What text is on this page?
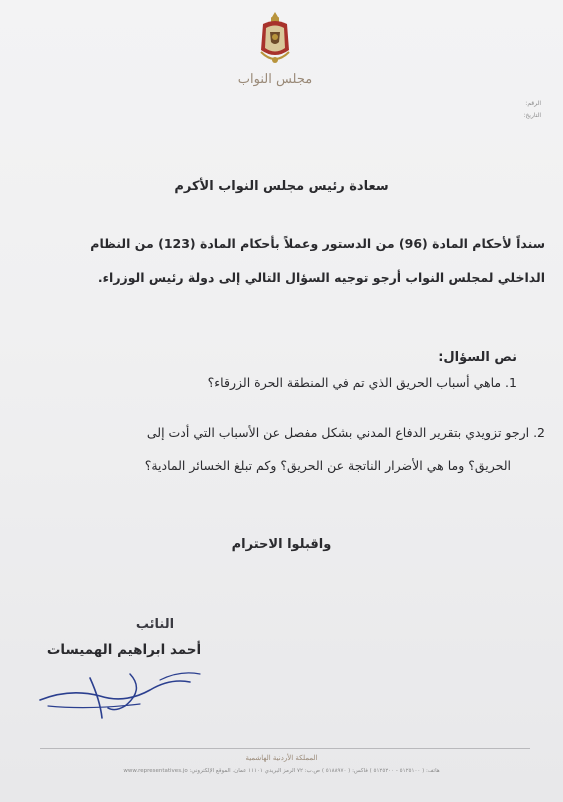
مجلس النواب
الرقم:
التاريخ:
سعادة رئيس مجلس النواب الأكرم
سنداً لأحكام المادة (96) من الدستور وعملاً بأحكام المادة (123) من النظام
الداخلي لمجلس النواب أرجو توجيه السؤال التالي إلى دولة رئيس الوزراء.
نص السؤال:
1. ماهي أسباب الحريق الذي تم في المنطقة الحرة الزرقاء؟
2. ارجو تزويدي بتقرير الدفاع المدني بشكل مفصل عن الأسباب التي أدت إلى
الحريق؟ وما هي الأضرار الناتجة عن الحريق؟ وكم تبلغ الخسائر المادية؟
واقبلوا الاحترام
النائب
أحمد ابراهيم الهميسات
المملكة الأردنية الهاشمية
هاتف: ( ٥١٢٥١٠٠ - ٥١٢٥٢٠٠ ) فاكس: ( ٥١٨٨٩٧٠ ) ص.ب: ٧٢ الرمز البريدي ١١١٠١ عمان. الموقع الإلكتروني: www.representatives.jo
